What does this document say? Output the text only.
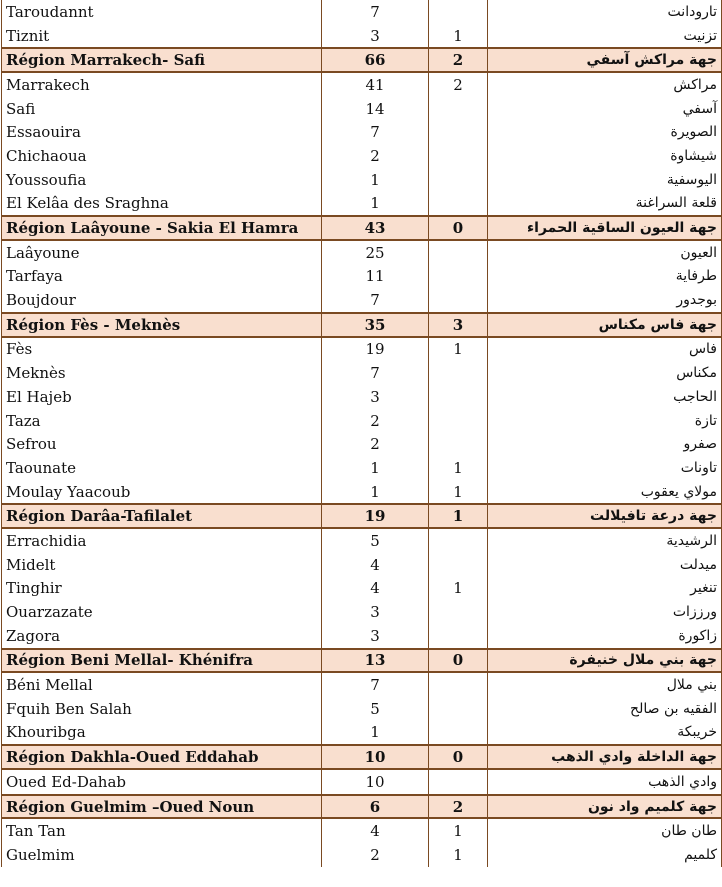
Taroudannt	7		تارودانت
Tiznit	3	1	تزنيت
Région Marrakech- Safi	66	2	جهة مراكش آسفي
Marrakech	41	2	مراكش
Safi	14		آسفي
Essaouira	7		الصويرة
Chichaoua	2		شيشاوة
Youssoufia	1		اليوسفية
El Kelâa des Sraghna	1		قلعة السراغنة
Région Laâyoune - Sakia El Hamra	43	0	جهة العيون الساقية الحمراء
Laâyoune	25		العيون
Tarfaya	11		طرفاية
Boujdour	7		بوجدور
Région Fès - Meknès	35	3	جهة فاس مكناس
Fès	19	1	فاس
Meknès	7		مكناس
El Hajeb	3		الحاجب
Taza	2		تازة
Sefrou	2		صفرو
Taounate	1	1	تاونات
Moulay Yaacoub	1	1	مولاي يعقوب
Région Darâa-Tafilalet	19	1	جهة درعة تافيلالت
Errachidia	5		الرشيدية
Midelt	4		ميدلت
Tinghir	4	1	تنغير
Ouarzazate	3		ورززات
Zagora	3		زاكورة
Région Beni Mellal- Khénifra	13	0	جهة بني ملال خنيفرة
Béni Mellal	7		بني ملال
Fquih Ben Salah	5		الفقيه بن صالح
Khouribga	1		خريبكة
Région Dakhla-Oued Eddahab	10	0	جهة الداخلة وادي الذهب
Oued Ed-Dahab	10		وادي الذهب
Région Guelmim –Oued Noun	6	2	جهة كلميم واد نون
Tan Tan	4	1	طان طان
Guelmim	2	1	كلميم
